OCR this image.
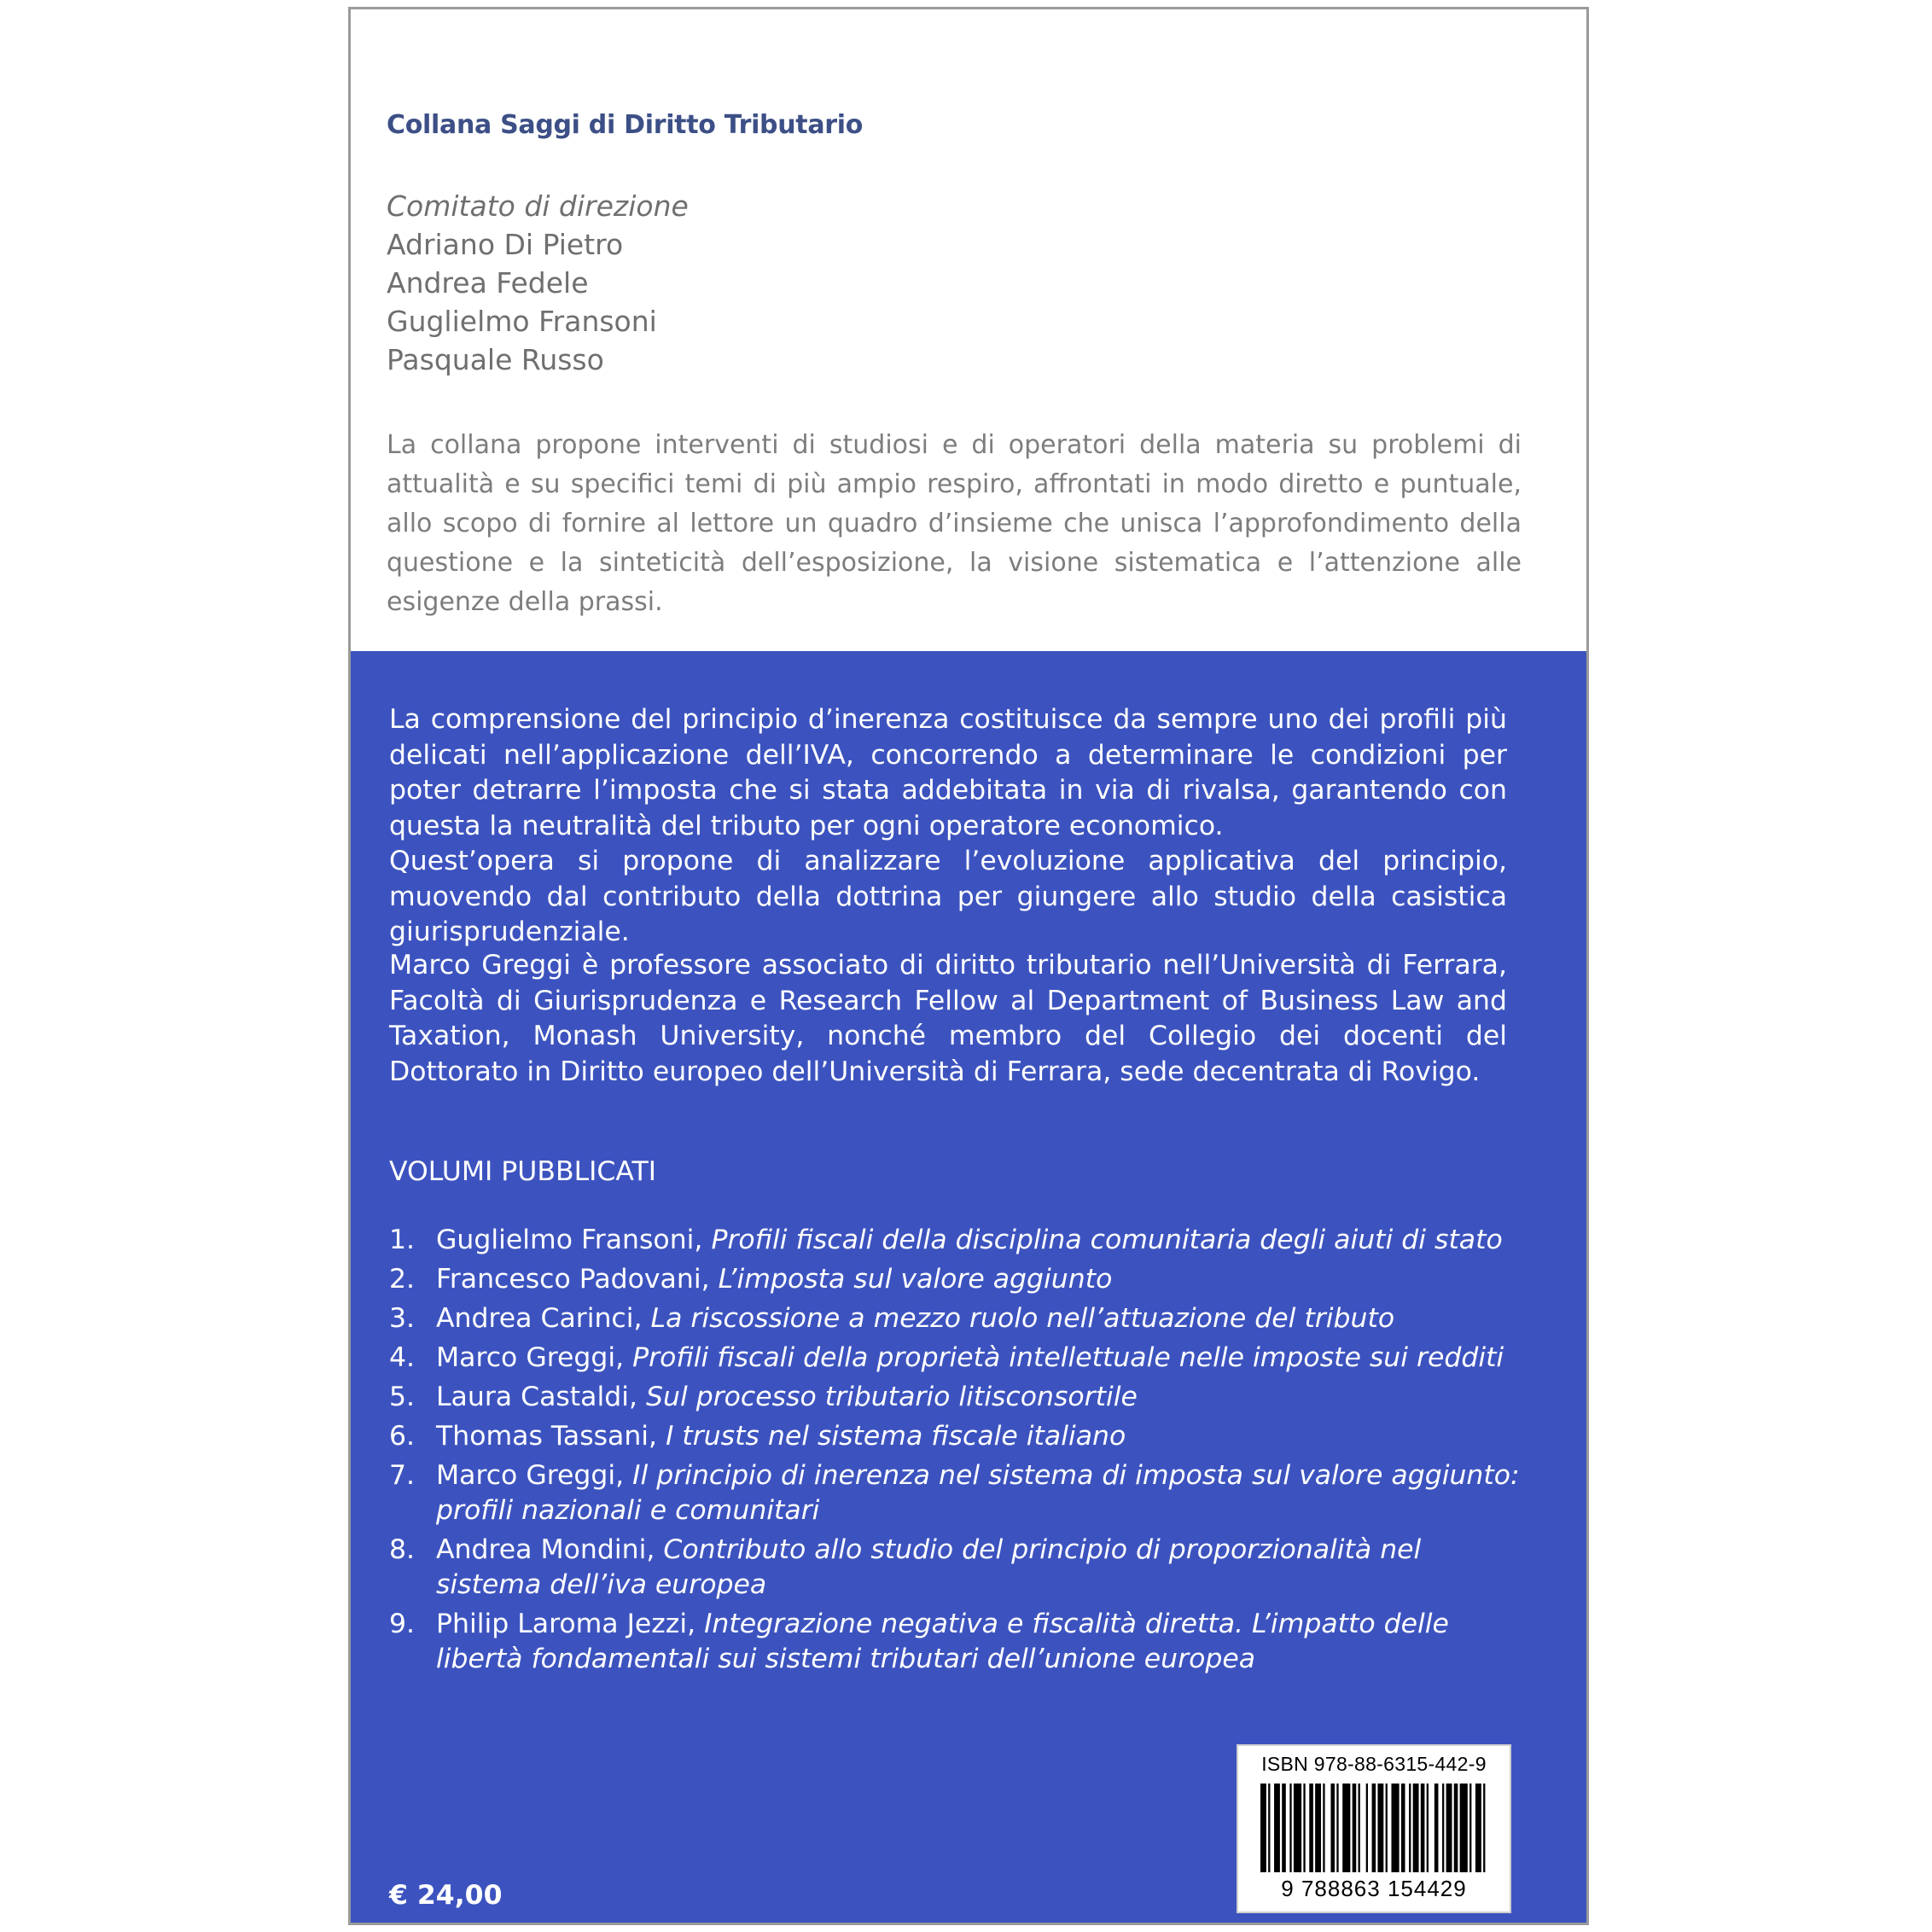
Collana Saggi di Diritto Tributario
Comitato di direzione
Adriano Di Pietro
Andrea Fedele
Guglielmo Fransoni
Pasquale Russo
La collana propone interventi di studiosi e di operatori della materia su problemi di attualità e su specifici temi di più ampio respiro, affrontati in modo diretto e puntuale, allo scopo di fornire al lettore un quadro d’insieme che unisca l’approfondimento della questione e la sinteticità dell’esposizione, la visione sistematica e l’attenzione alle esigenze della prassi.

La comprensione del principio d’inerenza costituisce da sempre uno dei profili più delicati nell’applicazione dell’IVA, concorrendo a determinare le condizioni per poter detrarre l’imposta che si stata addebitata in via di rivalsa, garantendo con questa la neutralità del tributo per ogni operatore economico.

Quest’opera si propone di analizzare l’evoluzione applicativa del principio, muovendo dal contributo della dottrina per giungere allo studio della casistica giurisprudenziale.

Marco Greggi è professore associato di diritto tributario nell’Università di Ferrara, Facoltà di Giurisprudenza e Research Fellow al Department of Business Law and Taxation, Monash University, nonché membro del Collegio dei docenti del Dottorato in Diritto europeo dell’Università di Ferrara, sede decentrata di Rovigo.
VOLUMI PUBBLICATI
1. Guglielmo Fransoni, Profili fiscali della disciplina comunitaria degli aiuti di stato
2. Francesco Padovani, L’imposta sul valore aggiunto
3. Andrea Carinci, La riscossione a mezzo ruolo nell’attuazione del tributo
4. Marco Greggi, Profili fiscali della proprietà intellettuale nelle imposte sui redditi
5. Laura Castaldi, Sul processo tributario litisconsortile
6. Thomas Tassani, I trusts nel sistema fiscale italiano
7. Marco Greggi, Il principio di inerenza nel sistema di imposta sul valore aggiunto: profili nazionali e comunitari
8. Andrea Mondini, Contributo allo studio del principio di proporzionalità nel sistema dell’iva europea
9. Philip Laroma Jezzi, Integrazione negativa e fiscalità diretta. L’impatto delle libertà fondamentali sui sistemi tributari dell’unione europea
ISBN 978-88-6315-442-9
9 788863 154429
€ 24,00
